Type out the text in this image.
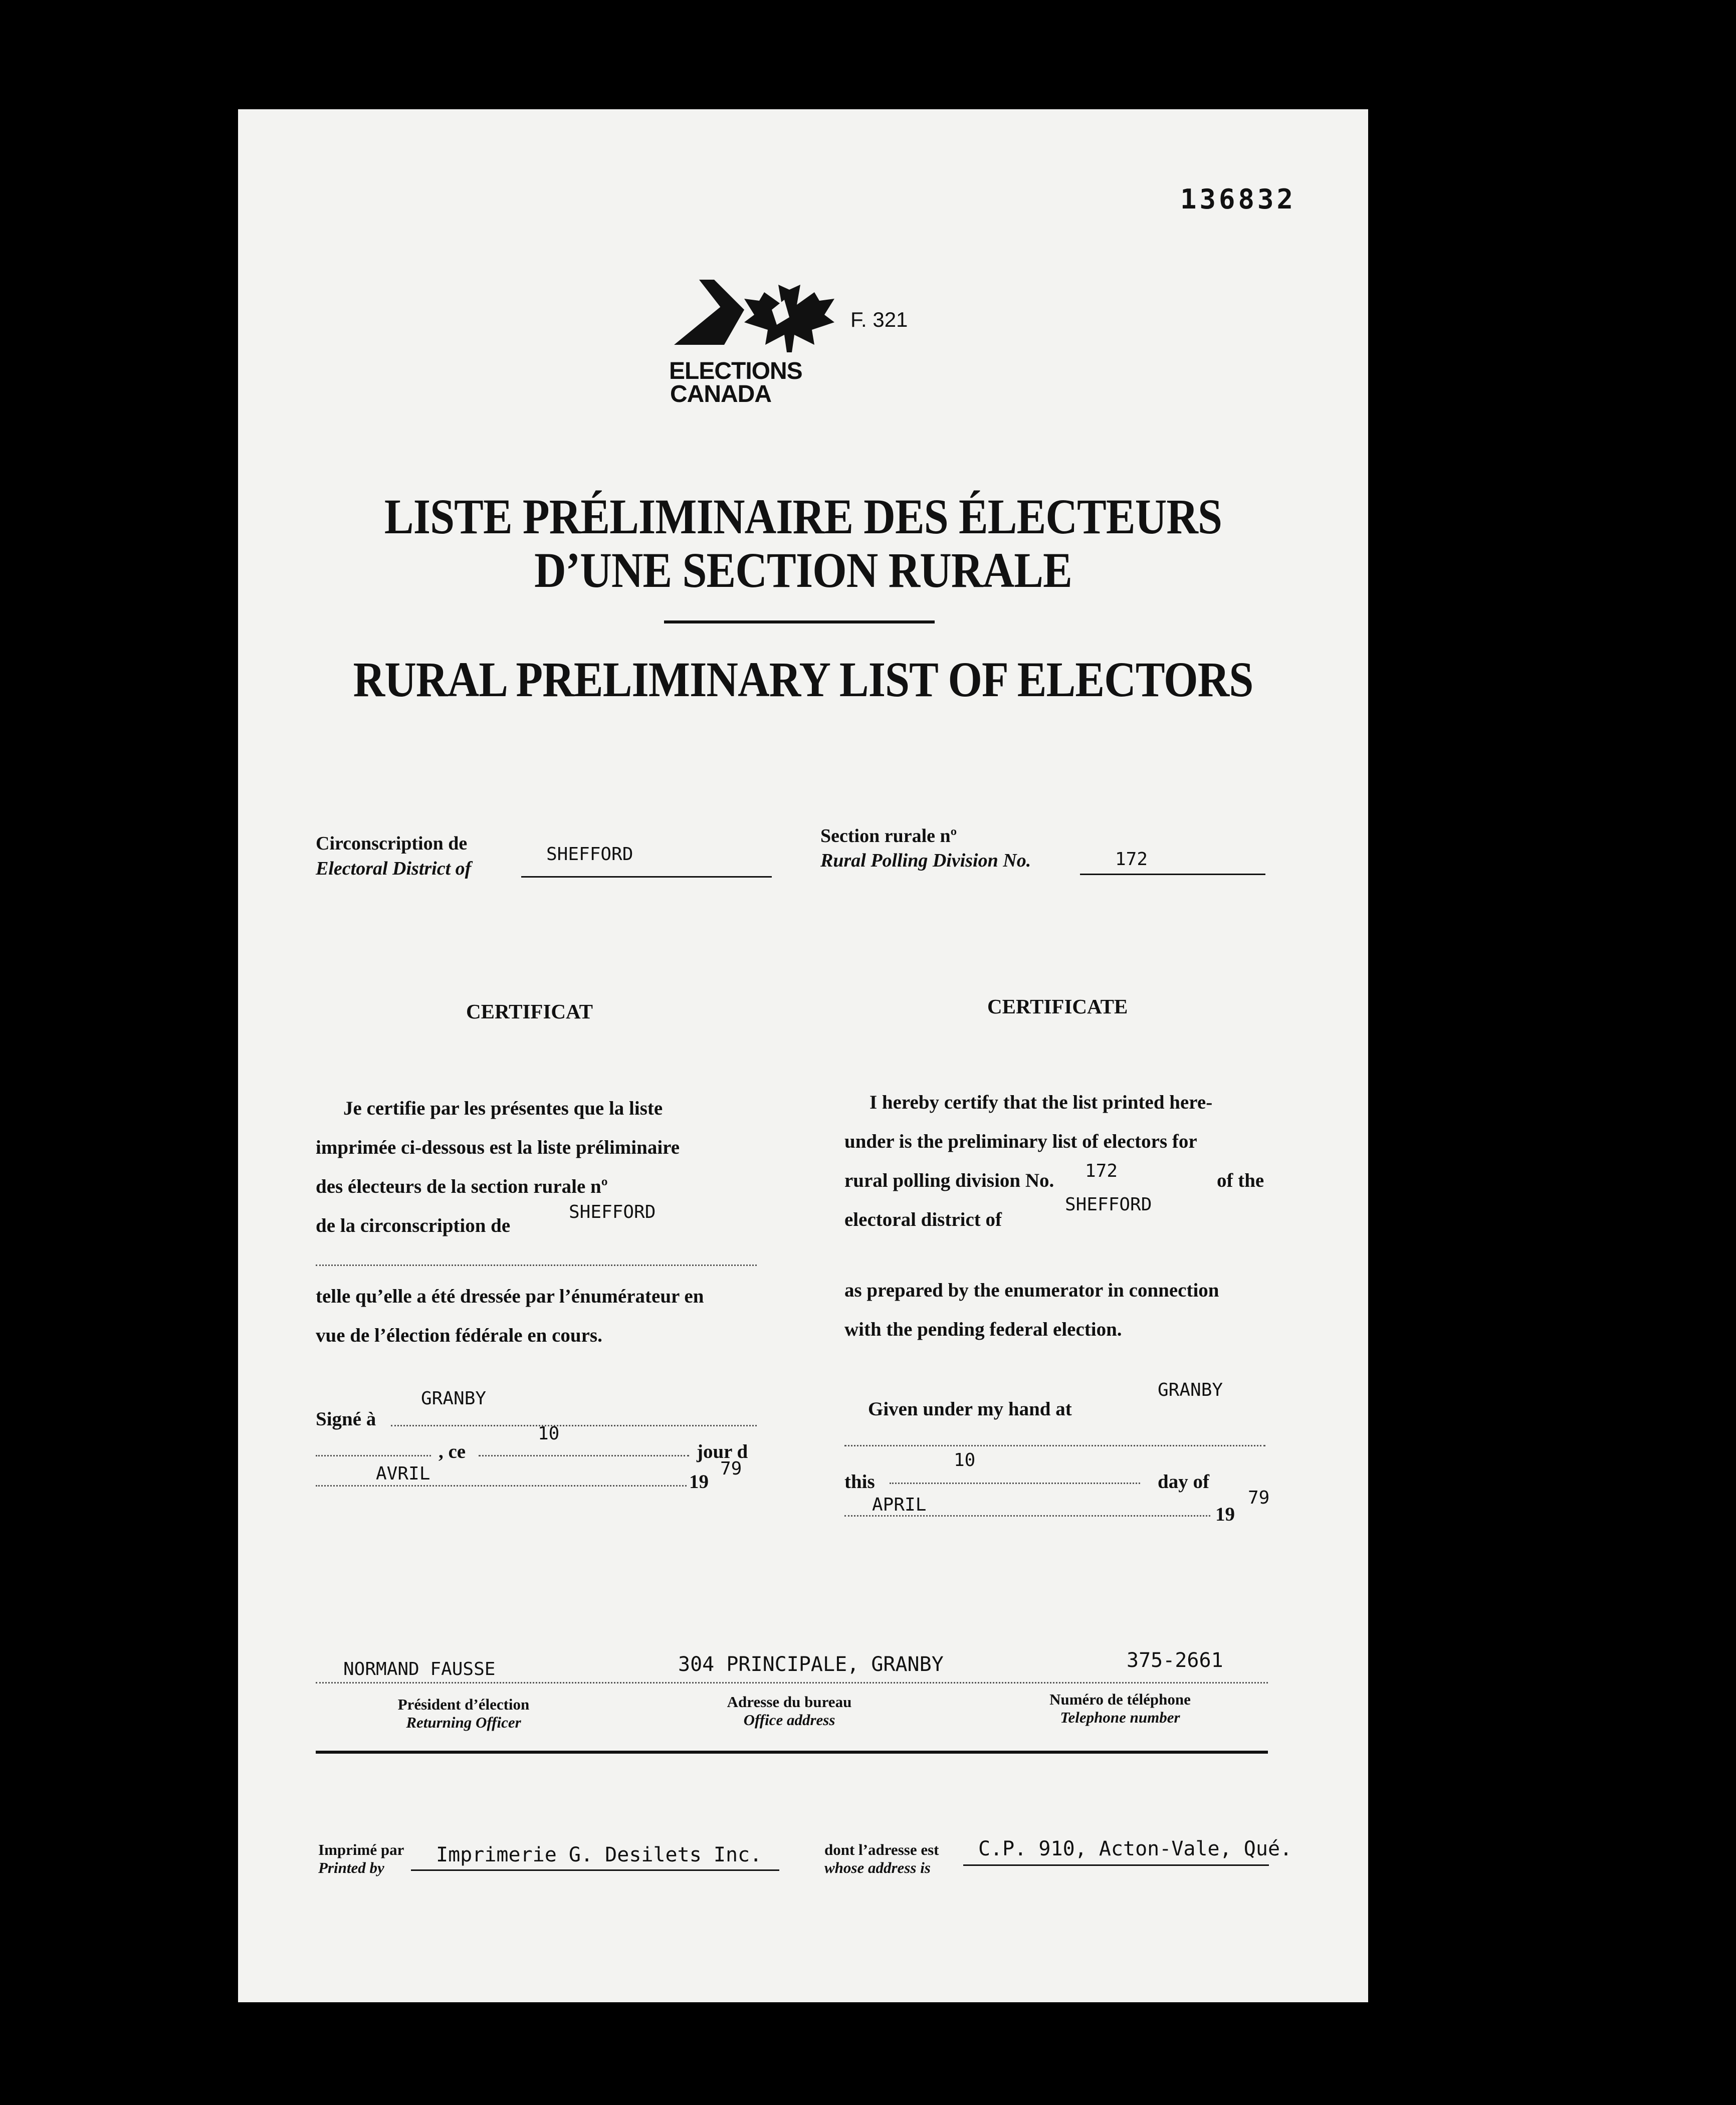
136832
ELECTIONS
CANADA
F. 321
LISTE PRÉLIMINAIRE DES ÉLECTEURS
D’UNE SECTION RURALE
RURAL PRELIMINARY LIST OF ELECTORS
Circonscription de
Electoral District of
SHEFFORD
Section rurale nº
Rural Polling Division No.	172
CERTIFICAT
Je certifie par les présentes que la liste
imprimée ci-dessous est la liste préliminaire
des électeurs de la section rurale nº
de la circonscription de
SHEFFORD
telle qu’elle a été dressée par l’énumérateur en
vue de l’élection fédérale en cours.
Signé à
GRANBY
, ce
10
jour d
AVRIL	19
79
CERTIFICATE
I hereby certify that the list printed here-
under is the preliminary list of electors for
rural polling division No.
electoral district of
of the
172
SHEFFORD
as prepared by the enumerator in connection
with the pending federal election.
Given under my hand at
GRANBY
this
10
day of
APRIL	19
79
NORMAND FAUSSE	304 PRINCIPALE, GRANBY	375-2661
Président d’élection
Returning Officer
Adresse du bureau
Office address
Numéro de téléphone
Telephone number
Imprimé par
Printed by
Imprimerie G. Desilets Inc.	dont l’adresse est
whose address is
C.P. 910, Acton-Vale, Qué.
